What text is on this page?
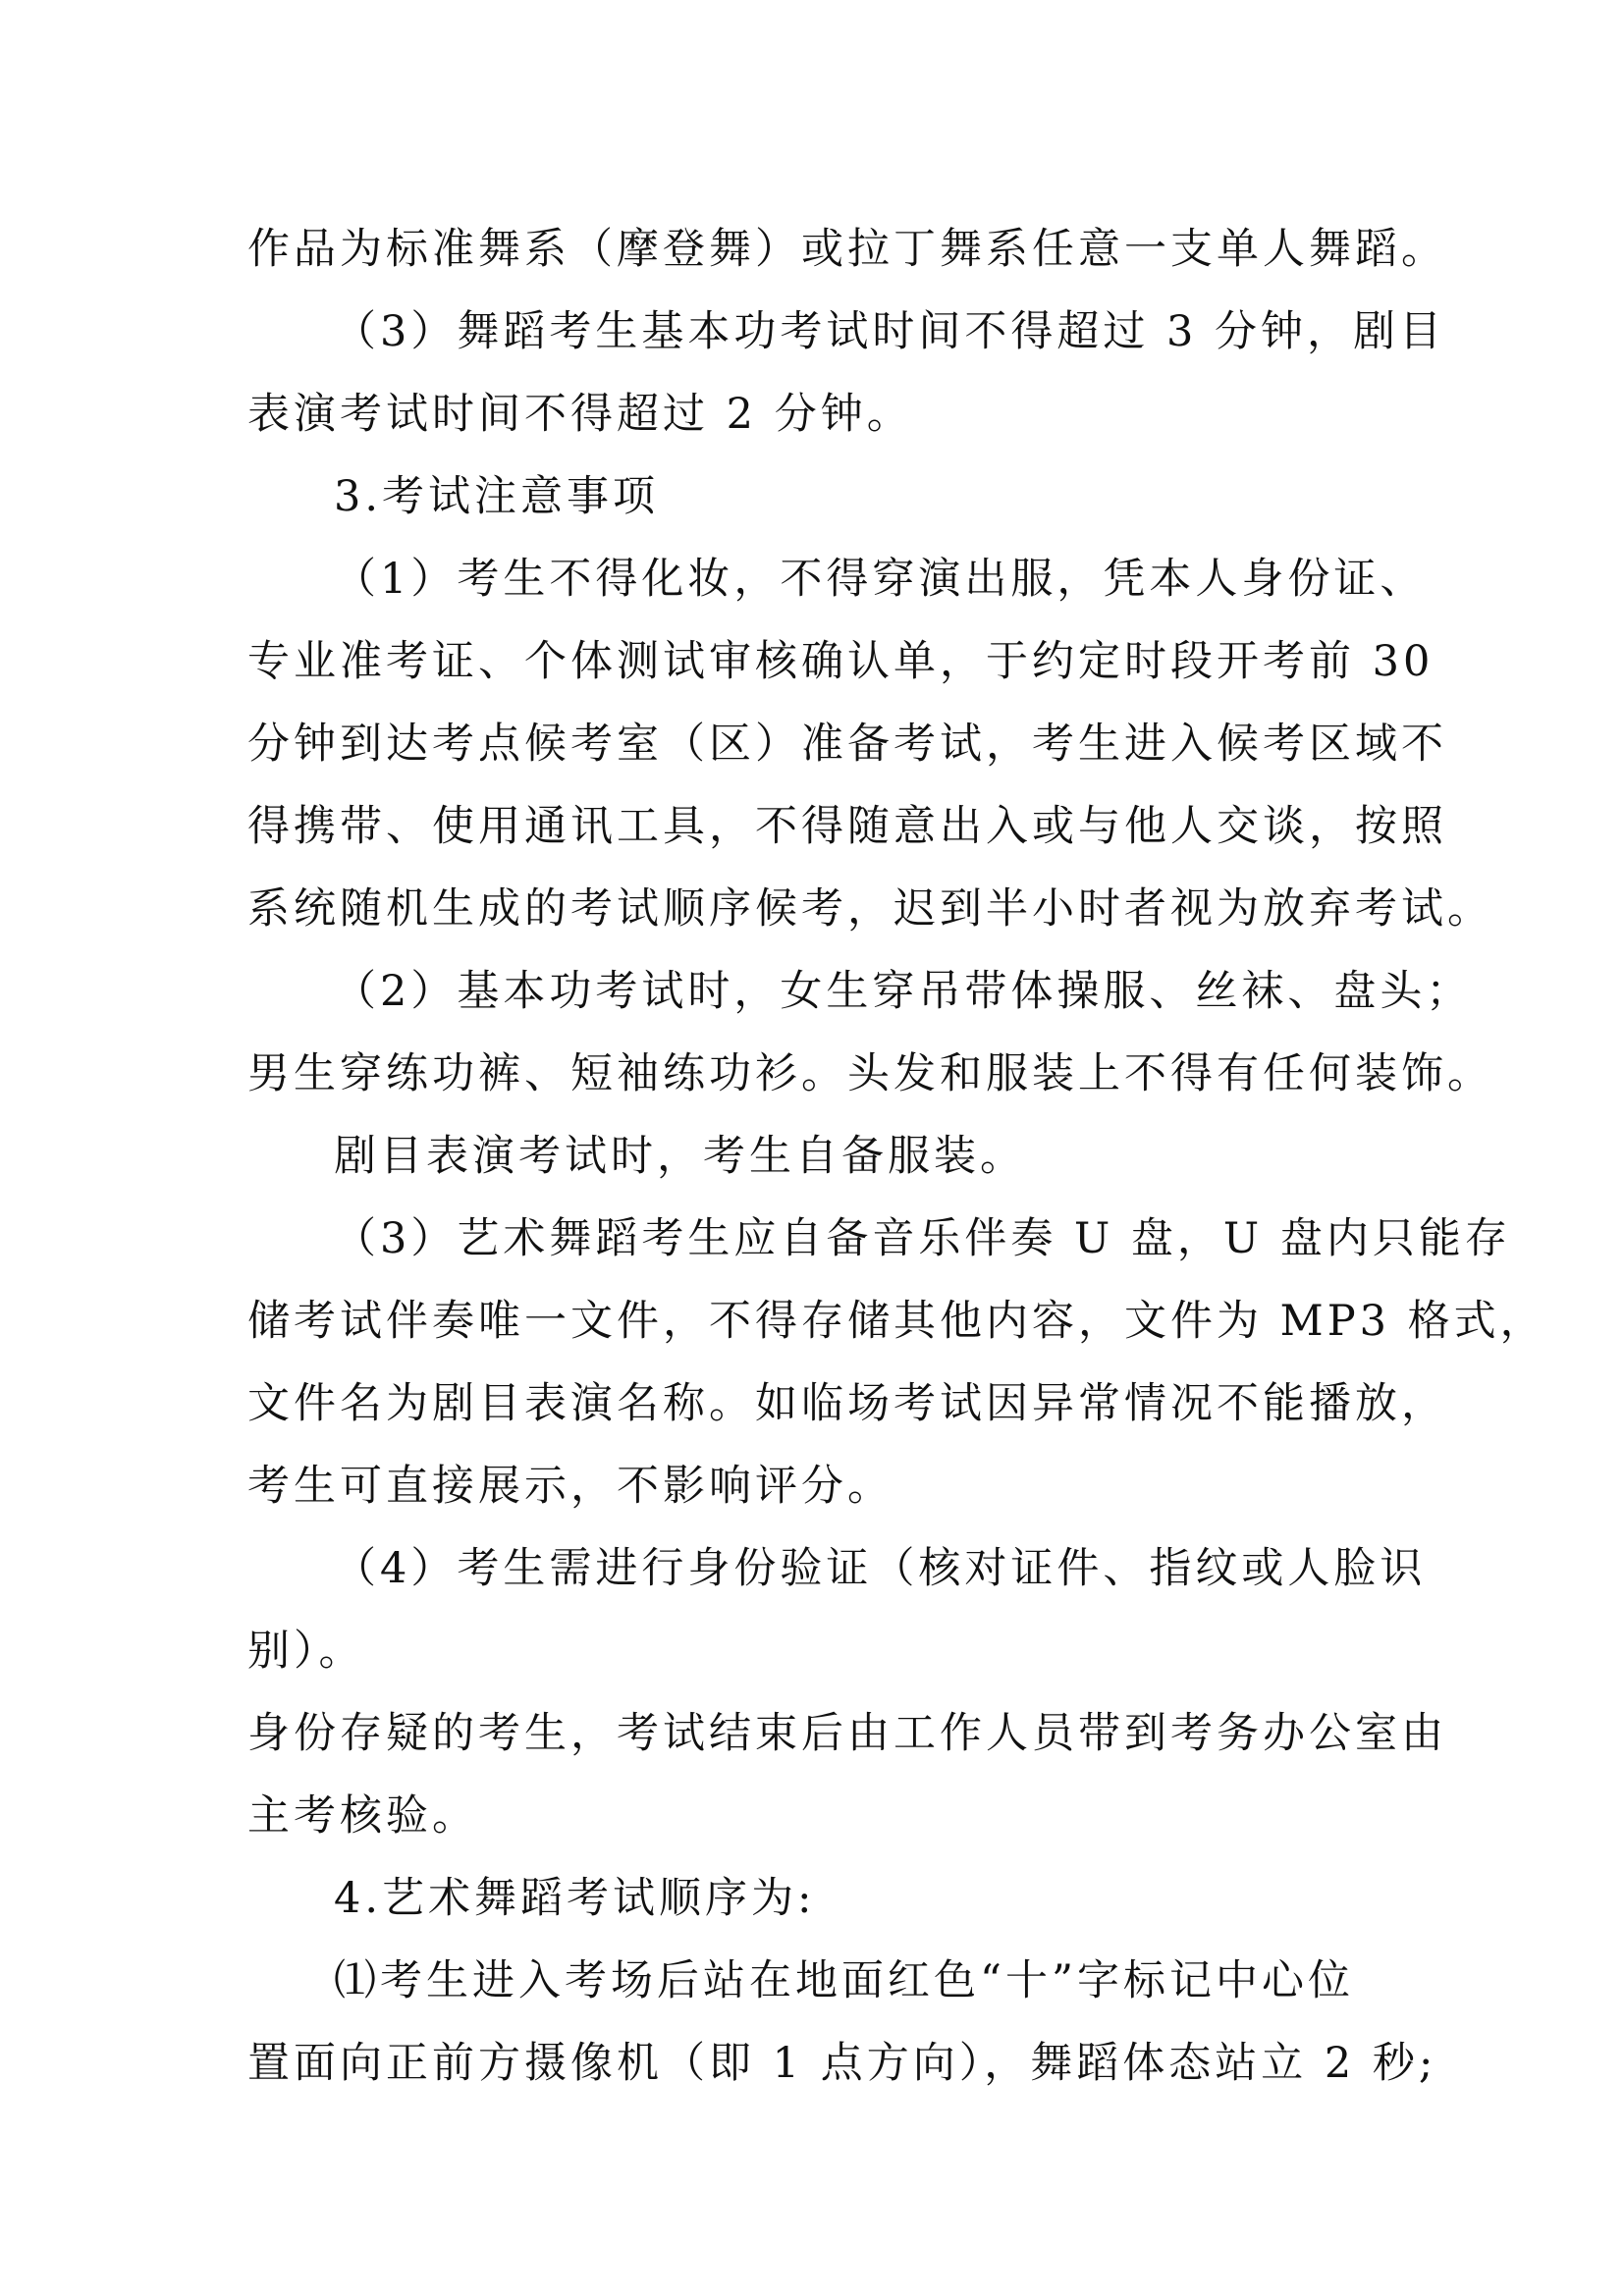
作品为标准舞系（摩登舞）或拉丁舞系任意一支单人舞蹈。

（3）舞蹈考生基本功考试时间不得超过 3 分钟，剧目

表演考试时间不得超过 2 分钟。

3.考试注意事项

（1）考生不得化妆，不得穿演出服，凭本人身份证、

专业准考证、个体测试审核确认单，于约定时段开考前 30

分钟到达考点候考室（区）准备考试，考生进入候考区域不

得携带、使用通讯工具，不得随意出入或与他人交谈，按照

系统随机生成的考试顺序候考，迟到半小时者视为放弃考试。

（2）基本功考试时，女生穿吊带体操服、丝袜、盘头；

男生穿练功裤、短袖练功衫。头发和服装上不得有任何装饰。

剧目表演考试时，考生自备服装。

（3）艺术舞蹈考生应自备音乐伴奏 U 盘，U 盘内只能存

储考试伴奏唯一文件，不得存储其他内容，文件为 MP3 格式，

文件名为剧目表演名称。如临场考试因异常情况不能播放，

考生可直接展示，不影响评分。

（4）考生需进行身份验证（核对证件、指纹或人脸识

别）。

身份存疑的考生，考试结束后由工作人员带到考务办公室由

主考核验。

4.艺术舞蹈考试顺序为:

⑴考生进入考场后站在地面红色“十”字标记中心位

置面向正前方摄像机（即 1 点方向），舞蹈体态站立 2 秒;
